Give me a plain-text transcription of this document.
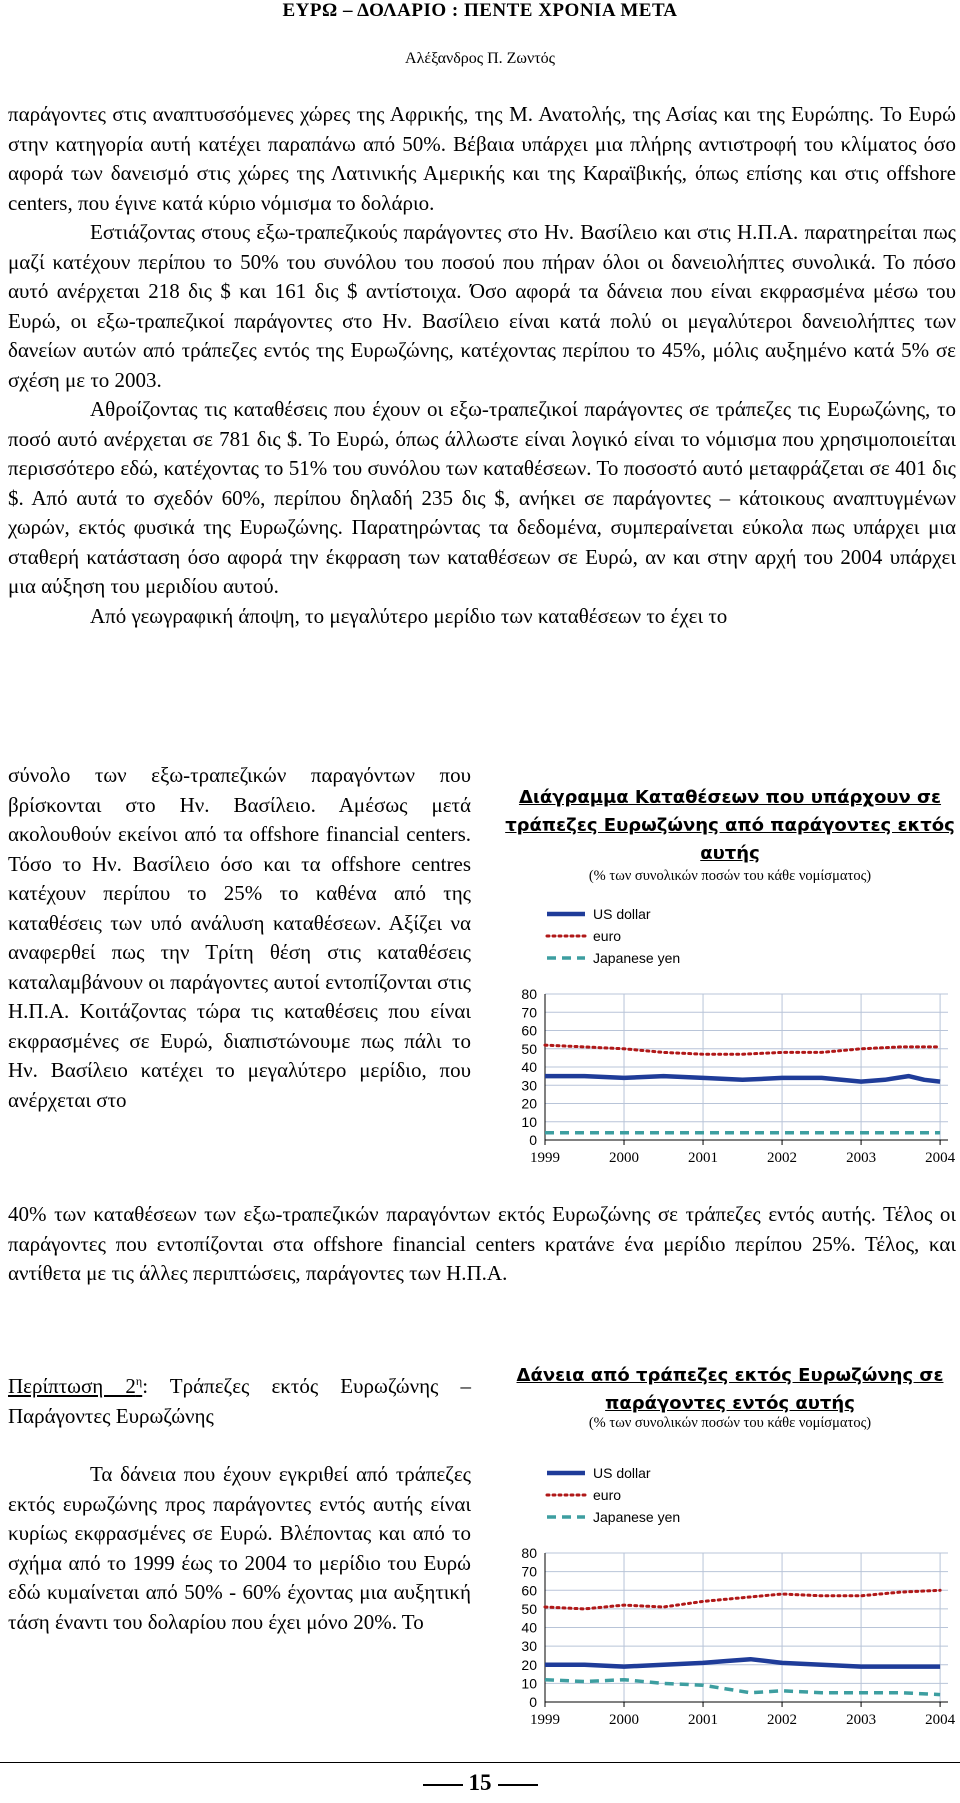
ΕΥΡΩ – ΔΟΛΑΡΙΟ : ΠΕΝΤΕ ΧΡΟΝΙΑ ΜΕΤΑ
Αλέξανδρος Π. Ζωντός

παράγοντες στις αναπτυσσόμενες χώρες της Αφρικής, της Μ. Ανατολής, της Ασίας και της Ευρώπης. Το Ευρώ στην κατηγορία αυτή κατέχει παραπάνω από 50%. Βέβαια υπάρχει μια πλήρης αντιστροφή του κλίματος όσο αφορά των δανεισμό στις χώρες της Λατινικής Αμερικής και της Καραϊβικής, όπως επίσης και στις offshore centers, που έγινε κατά κύριο νόμισμα το δολάριο.

Εστιάζοντας στους εξω-τραπεζικούς παράγοντες στο Ην. Βασίλειο και στις Η.Π.Α. παρατηρείται πως μαζί κατέχουν περίπου το 50% του συνόλου του ποσού που πήραν όλοι οι δανειολήπτες συνολικά. Το πόσο αυτό ανέρχεται 218 δις $ και 161 δις $ αντίστοιχα. Όσο αφορά τα δάνεια που είναι εκφρασμένα μέσω του Ευρώ, οι εξω-τραπεζικοί παράγοντες στο Ην. Βασίλειο είναι κατά πολύ οι μεγαλύτεροι δανειολήπτες των δανείων αυτών από τράπεζες εντός της Ευρωζώνης, κατέχοντας περίπου το 45%, μόλις αυξημένο κατά 5% σε σχέση με το 2003.

Αθροίζοντας τις καταθέσεις που έχουν οι εξω-τραπεζικοί παράγοντες σε τράπεζες τις Ευρωζώνης, το ποσό αυτό ανέρχεται σε 781 δις $. Το Ευρώ, όπως άλλωστε είναι λογικό είναι το νόμισμα που χρησιμοποιείται περισσότερο εδώ, κατέχοντας το 51% του συνόλου των καταθέσεων. Το ποσοστό αυτό μεταφράζεται σε 401 δις $. Από αυτά το σχεδόν 60%, περίπου δηλαδή 235 δις $, ανήκει σε παράγοντες – κάτοικους αναπτυγμένων χωρών, εκτός φυσικά της Ευρωζώνης. Παρατηρώντας τα δεδομένα, συμπεραίνεται εύκολα πως υπάρχει μια σταθερή κατάσταση όσο αφορά την έκφραση των καταθέσεων σε Ευρώ, αν και στην αρχή του 2004 υπάρχει μια αύξηση του μεριδίου αυτού.

Από γεωγραφική άποψη, το μεγαλύτερο μερίδιο των καταθέσεων το έχει το

σύνολο των εξω-τραπεζικών παραγόντων που βρίσκονται στο Ην. Βασίλειο. Αμέσως μετά ακολουθούν εκείνοι από τα offshore financial centers. Τόσο το Ην. Βασίλειο όσο και τα offshore centres κατέχουν περίπου το 25% το καθένα από της καταθέσεις των υπό ανάλυση καταθέσεων. Αξίζει να αναφερθεί πως την Τρίτη θέση στις καταθέσεις καταλαμβάνουν οι παράγοντες αυτοί εντοπίζονται στις Η.Π.Α. Κοιτάζοντας τώρα τις καταθέσεις που είναι εκφρασμένες σε Ευρώ, διαπιστώνουμε πως πάλι το Ην. Βασίλειο κατέχει το μεγαλύτερο μερίδιο, που ανέρχεται στο

Διάγραμμα Καταθέσεων που υπάρχουν σε τράπεζες Ευρωζώνης από παράγοντες εκτός αυτής
(% των συνολικών ποσών του κάθε νομίσματος)
US dollar
euro
Japanese yen
0
10
20
30
40
50
60
70
80
1999	2000	2001	2002	2003	2004

40% των καταθέσεων των εξω-τραπεζικών παραγόντων εκτός Ευρωζώνης σε τράπεζες εντός αυτής. Τέλος οι παράγοντες που εντοπίζονται στα offshore financial centers κρατάνε ένα μερίδιο περίπου 25%. Τέλος, και αντίθετα με τις άλλες περιπτώσεις, παράγοντες των Η.Π.Α.

Περίπτωση $2^\eta$: Τράπεζες εκτός Ευρωζώνης – Παράγοντες Ευρωζώνης

Τα δάνεια που έχουν εγκριθεί από τράπεζες εκτός ευρωζώνης προς παράγοντες εντός αυτής είναι κυρίως εκφρασμένες σε Ευρώ. Βλέποντας και από το σχήμα από το 1999 έως το 2004 το μερίδιο του Ευρώ εδώ κυμαίνεται από 50% - 60% έχοντας μια αυξητική τάση έναντι του δολαρίου που έχει μόνο 20%. Το

Δάνεια από τράπεζες εκτός Ευρωζώνης σε παράγοντες εντός αυτής
(% των συνολικών ποσών του κάθε νομίσματος)
US dollar
euro
Japanese yen
0
10
20
30
40
50
60
70
80
1999	2000	2001	2002	2003	2004
15
